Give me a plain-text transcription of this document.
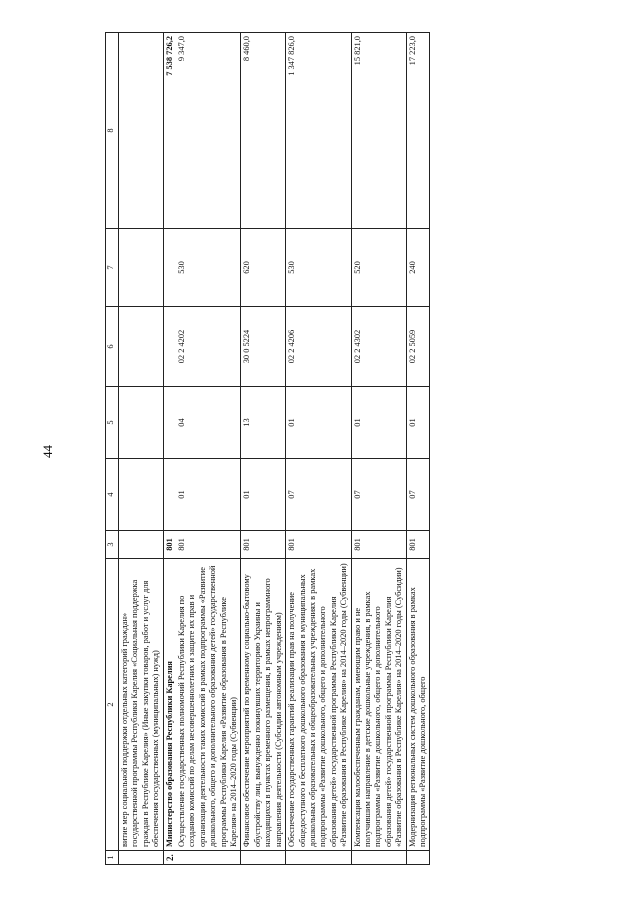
44
1	2	3	4	5	6	7	8
	витие мер социальной поддержки отдельных категорий граждан» государственной программы Республики Карелия «Социальная поддержка граждан в Республике Карелия» (Иные закупки товаров, работ и услуг для обеспечения государственных (муниципальных) нужд)						
2.	Министерство образования Республики Карелия	801					7 538 726,2
	Осуществление государственных полномочий Республики Карелия по созданию комиссий по делам несовершеннолетних и защите их прав и организации деятельности таких комиссий в рамках подпрограммы «Развитие дошкольного, общего и дополнительного образования детей» государственной программы Республики Карелия «Развитие образования в Республике Карелия» на 2014–2020 годы (Субвенции)	801	01	04	02 2 4202	530	9 347,0
	Финансовое обеспечение мероприятий по временному социально-бытовому обустройству лиц, вынужденно покинувших территорию Украины и находящихся в пунктах временного размещения, в рамках непрограммного направления деятельности (Субсидии автономным учреждениям)	801	01	13	30 0 5224	620	8 460,0
	Обеспечение государственных гарантий реализации прав на получение общедоступного и бесплатного дошкольного образования в муниципальных дошкольных образовательных и общеобразовательных учреждениях в рамках подпрограммы «Развитие дошкольного, общего и дополнительного образования детей» государственной программы Республики Карелия «Развитие образования в Республике Карелия» на 2014–2020 годы (Субвенции)	801	07	01	02 2 4206	530	1 347 826,0
	Компенсация малообеспеченным гражданам, имеющим право и не получившим направление в детские дошкольные учреждения, в рамках подпрограммы «Развитие дошкольного, общего и дополнительного образования детей» государственной программы Республики Карелия «Развитие образования в Республике Карелия» на 2014–2020 годы (Субсидии)	801	07	01	02 2 4302	520	15 821,0
	Модернизация региональных систем дошкольного образования в рамках подпрограммы «Развитие дошкольного, общего	801	07	01	02 2 5059	240	17 223,0
